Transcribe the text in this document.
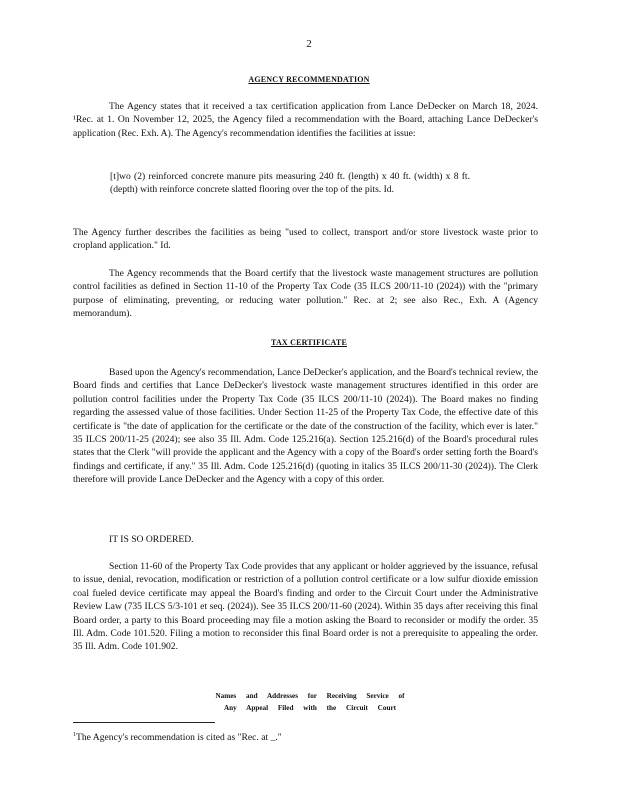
2
AGENCY RECOMMENDATION
The Agency states that it received a tax certification application from Lance DeDecker on March 18, 2024. ¹Rec. at 1. On November 12, 2025, the Agency filed a recommendation with the Board, attaching Lance DeDecker's application (Rec. Exh. A). The Agency's recommendation identifies the facilities at issue:
[t]wo (2) reinforced concrete manure pits measuring 240 ft. (length) x 40 ft. (width) x 8 ft. (depth) with reinforce concrete slatted flooring over the top of the pits. Id.
The Agency further describes the facilities as being "used to collect, transport and/or store livestock waste prior to cropland application." Id.
The Agency recommends that the Board certify that the livestock waste management structures are pollution control facilities as defined in Section 11-10 of the Property Tax Code (35 ILCS 200/11-10 (2024)) with the "primary purpose of eliminating, preventing, or reducing water pollution." Rec. at 2; see also Rec., Exh. A (Agency memorandum).
TAX CERTIFICATE
Based upon the Agency's recommendation, Lance DeDecker's application, and the Board's technical review, the Board finds and certifies that Lance DeDecker's livestock waste management structures identified in this order are pollution control facilities under the Property Tax Code (35 ILCS 200/11-10 (2024)). The Board makes no finding regarding the assessed value of those facilities. Under Section 11-25 of the Property Tax Code, the effective date of this certificate is "the date of application for the certificate or the date of the construction of the facility, which ever is later." 35 ILCS 200/11-25 (2024); see also 35 Ill. Adm. Code 125.216(a). Section 125.216(d) of the Board's procedural rules states that the Clerk "will provide the applicant and the Agency with a copy of the Board's order setting forth the Board's findings and certificate, if any." 35 Ill. Adm. Code 125.216(d) (quoting in italics 35 ILCS 200/11-30 (2024)). The Clerk therefore will provide Lance DeDecker and the Agency with a copy of this order.
IT IS SO ORDERED.
Section 11-60 of the Property Tax Code provides that any applicant or holder aggrieved by the issuance, refusal to issue, denial, revocation, modification or restriction of a pollution control certificate or a low sulfur dioxide emission coal fueled device certificate may appeal the Board's finding and order to the Circuit Court under the Administrative Review Law (735 ILCS 5/3-101 et seq. (2024)). See 35 ILCS 200/11-60 (2024). Within 35 days after receiving this final Board order, a party to this Board proceeding may file a motion asking the Board to reconsider or modify the order. 35 Ill. Adm. Code 101.520. Filing a motion to reconsider this final Board order is not a prerequisite to appealing the order. 35 Ill. Adm. Code 101.902.
Names and Addresses for Receiving Service of
Any Appeal Filed with the Circuit Court
$^1$The Agency's recommendation is cited as "Rec. at _."
